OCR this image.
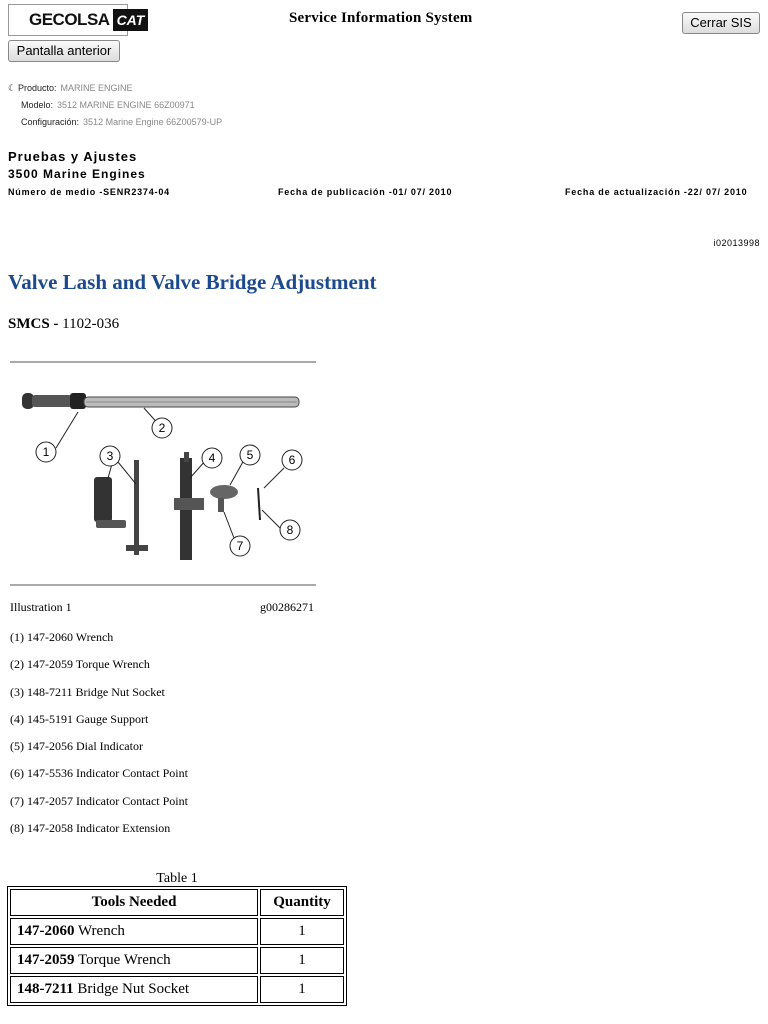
GECOLSA CAT	Service Information System	Cerrar SIS
Pantalla anterior
☾ Producto: MARINE ENGINE
Modelo: 3512 MARINE ENGINE 66Z00971
Configuración: 3512 Marine Engine 66Z00579-UP
Pruebas y Ajustes
3500 Marine Engines
Número de medio -SENR2374-04	Fecha de publicación -01/ 07/ 2010	Fecha de actualización -22/ 07/ 2010
i02013998
Valve Lash and Valve Bridge Adjustment
SMCS - 1102-036
1
2
3	4	5	6
7
8
Illustration 1	g00286271
(1) 147-2060 Wrench
(2) 147-2059 Torque Wrench
(3) 148-7211 Bridge Nut Socket
(4) 145-5191 Gauge Support
(5) 147-2056 Dial Indicator
(6) 147-5536 Indicator Contact Point
(7) 147-2057 Indicator Contact Point
(8) 147-2058 Indicator Extension
Table 1
Tools Needed	Quantity
147-2060 Wrench	1
147-2059 Torque Wrench	1
148-7211 Bridge Nut Socket	1
